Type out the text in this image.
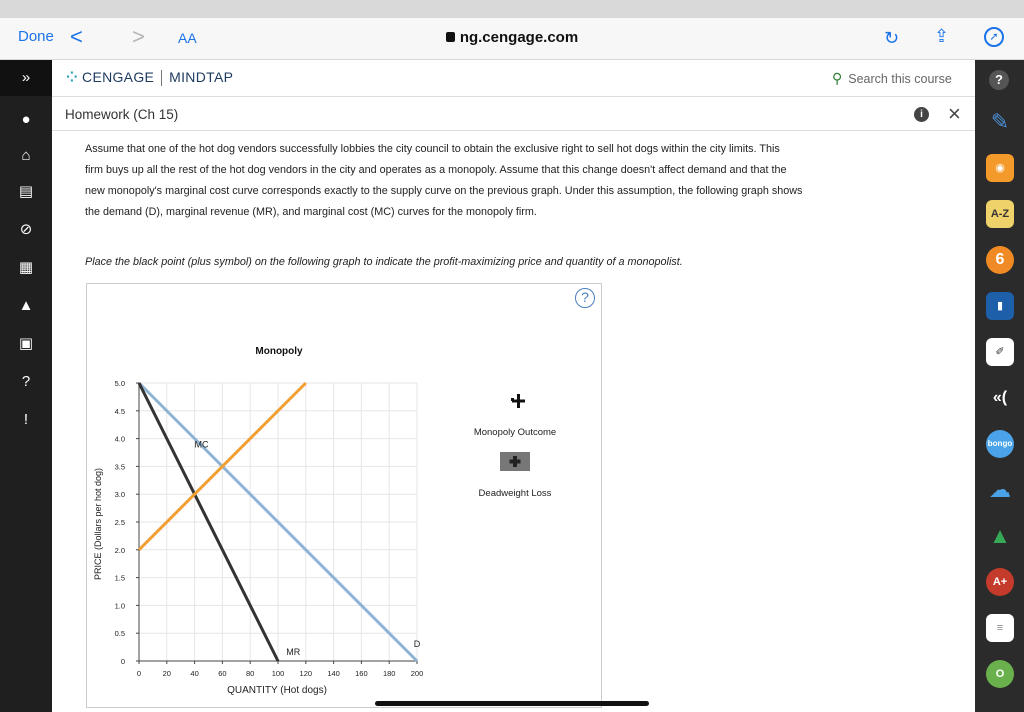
Done < > AA	ng.cengage.com	↻ ⇪	➚
»
●
⌂
▤
⊘
▦
▲
▣
?
!
⁘ CENGAGE MINDTAP	⚲ Search this course	?
✎
◉
A-Z
6
▮
✐
«(
bongo
☁
▲
A+
≡
O
Homework (Ch 15)	i ×
Assume that one of the hot dog vendors successfully lobbies the city council to obtain the exclusive right to sell hot dogs within the city limits. This
firm buys up all the rest of the hot dog vendors in the city and operates as a monopoly. Assume that this change doesn't affect demand and that the
new monopoly's marginal cost curve corresponds exactly to the supply curve on the previous graph. Under this assumption, the following graph shows
the demand (D), marginal revenue (MR), and marginal cost (MC) curves for the monopoly firm.
Place the black point (plus symbol) on the following graph to indicate the profit-maximizing price and quantity of a monopolist.
Monopoly
0	20	40	60	80 100 120 140 160 180 200
0
0.5
1.0
1.5
2.0
2.5
3.0
3.5
4.0
4.5
5.0
D
MR
MC
QUANTITY (Hot dogs)
PRICE (Dollars per hot dog)
Monopoly Outcome
Deadweight Loss
?
